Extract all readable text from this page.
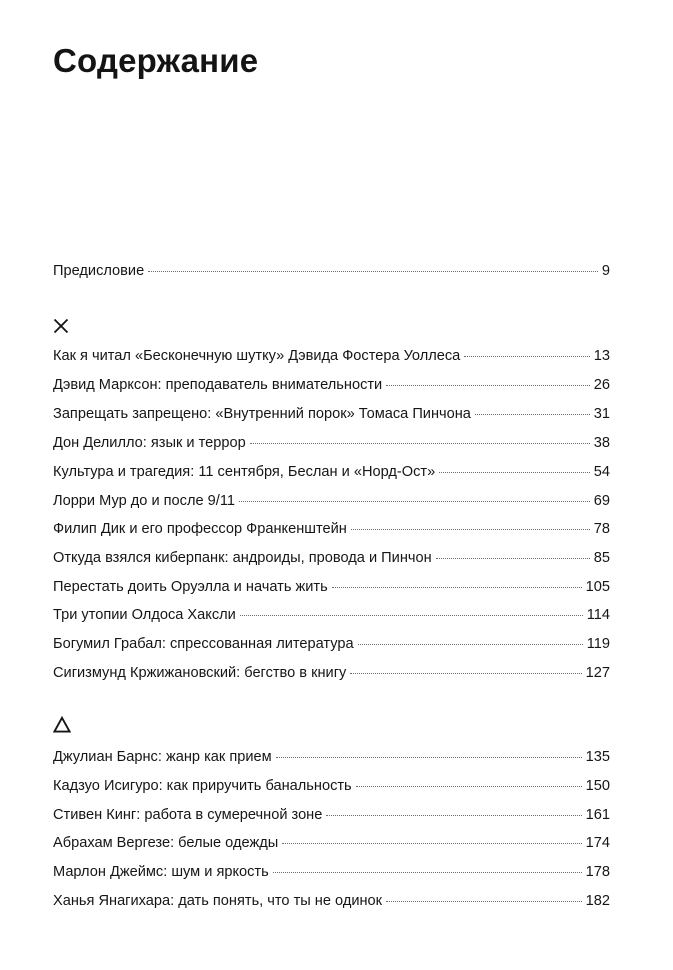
Содержание
Предисловие	9
Как я читал «Бесконечную шутку» Дэвида Фостера Уоллеса	13
Дэвид Марксон: преподаватель внимательности	26
Запрещать запрещено: «Внутренний порок» Томаса Пинчона	31
Дон Делилло: язык и террор	38
Культура и трагедия: 11 сентября, Беслан и «Норд-Ост»	54
Лорри Мур до и после 9/11	69
Филип Дик и его профессор Франкенштейн	78
Откуда взялся киберпанк: андроиды, провода и Пинчон	85
Перестать доить Оруэлла и начать жить	105
Три утопии Олдоса Хаксли	114
Богумил Грабал: спрессованная литература	119
Сигизмунд Кржижановский: бегство в книгу	127
Джулиан Барнс: жанр как прием	135
Кадзуо Исигуро: как приручить банальность	150
Стивен Кинг: работа в сумеречной зоне	161
Абрахам Вергезе: белые одежды	174
Марлон Джеймс: шум и яркость	178
Ханья Янагихара: дать понять, что ты не одинок	182
